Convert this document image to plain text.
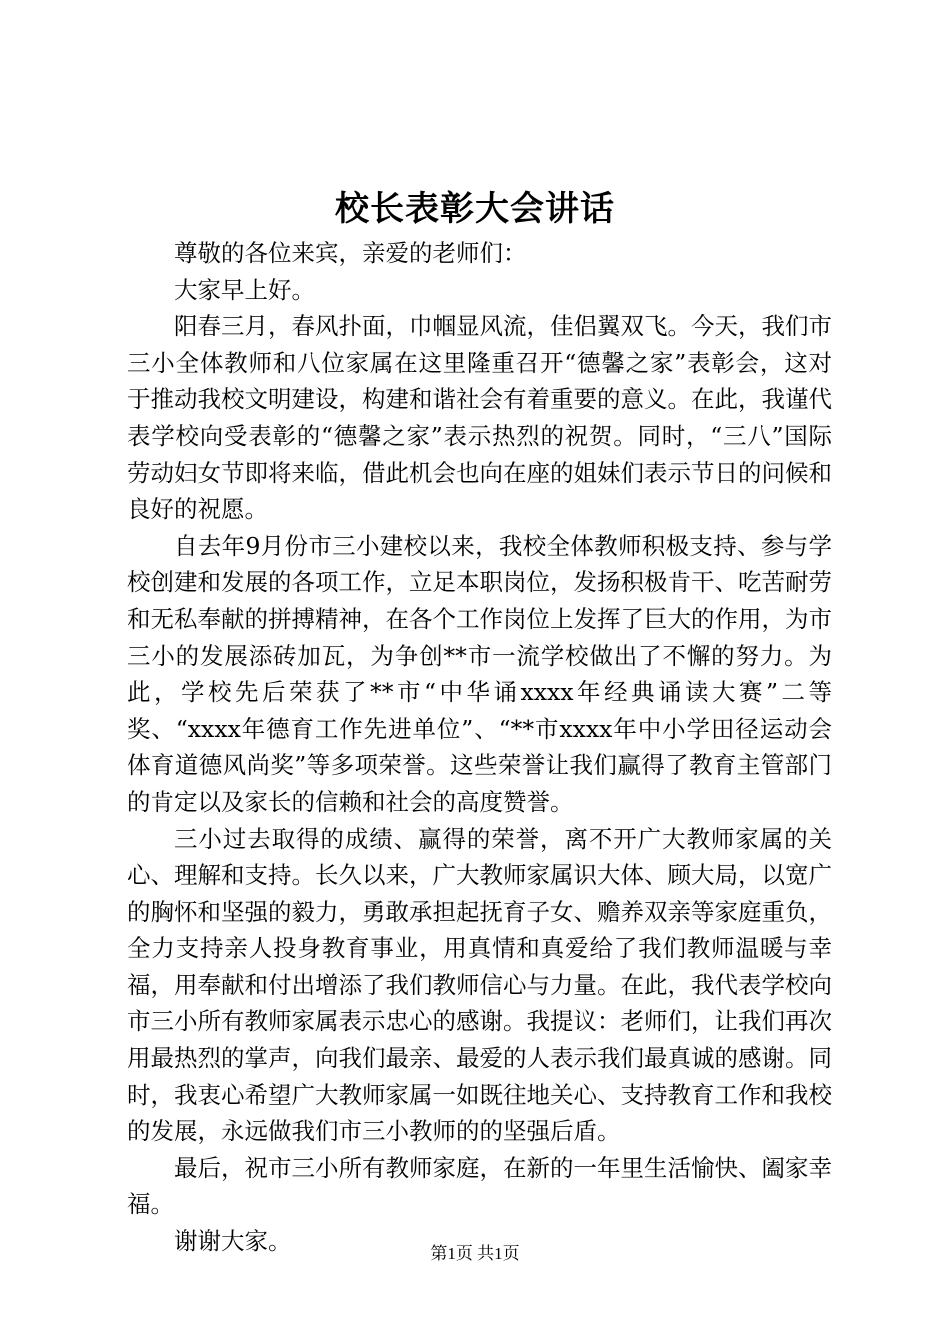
校长表彰大会讲话

尊敬的各位来宾，亲爱的老师们：

大家早上好。

阳春三月，春风扑面，巾帼显风流，佳侣翼双飞。今天，我们市三小全体教师和八位家属在这里隆重召开“德馨之家”表彰会，这对于推动我校文明建设，构建和谐社会有着重要的意义。在此，我谨代表学校向受表彰的“德馨之家”表示热烈的祝贺。同时，“三八”国际劳动妇女节即将来临，借此机会也向在座的姐妹们表示节日的问候和良好的祝愿。

自去年9月份市三小建校以来，我校全体教师积极支持、参与学校创建和发展的各项工作，立足本职岗位，发扬积极肯干、吃苦耐劳和无私奉献的拼搏精神，在各个工作岗位上发挥了巨大的作用，为市三小的发展添砖加瓦，为争创**市一流学校做出了不懈的努力。为此，学校先后荣获了**市“中华诵xxxx年经典诵读大赛”二等奖、“xxxx年德育工作先进单位”、“**市xxxx年中小学田径运动会体育道德风尚奖”等多项荣誉。这些荣誉让我们赢得了教育主管部门的肯定以及家长的信赖和社会的高度赞誉。

三小过去取得的成绩、赢得的荣誉，离不开广大教师家属的关心、理解和支持。长久以来，广大教师家属识大体、顾大局，以宽广的胸怀和坚强的毅力，勇敢承担起抚育子女、赡养双亲等家庭重负，全力支持亲人投身教育事业，用真情和真爱给了我们教师温暖与幸福，用奉献和付出增添了我们教师信心与力量。在此，我代表学校向市三小所有教师家属表示忠心的感谢。我提议：老师们，让我们再次用最热烈的掌声，向我们最亲、最爱的人表示我们最真诚的感谢。同时，我衷心希望广大教师家属一如既往地关心、支持教育工作和我校的发展，永远做我们市三小教师的的坚强后盾。

最后，祝市三小所有教师家庭，在新的一年里生活愉快、阖家幸福。

谢谢大家。	第1页 共1页
